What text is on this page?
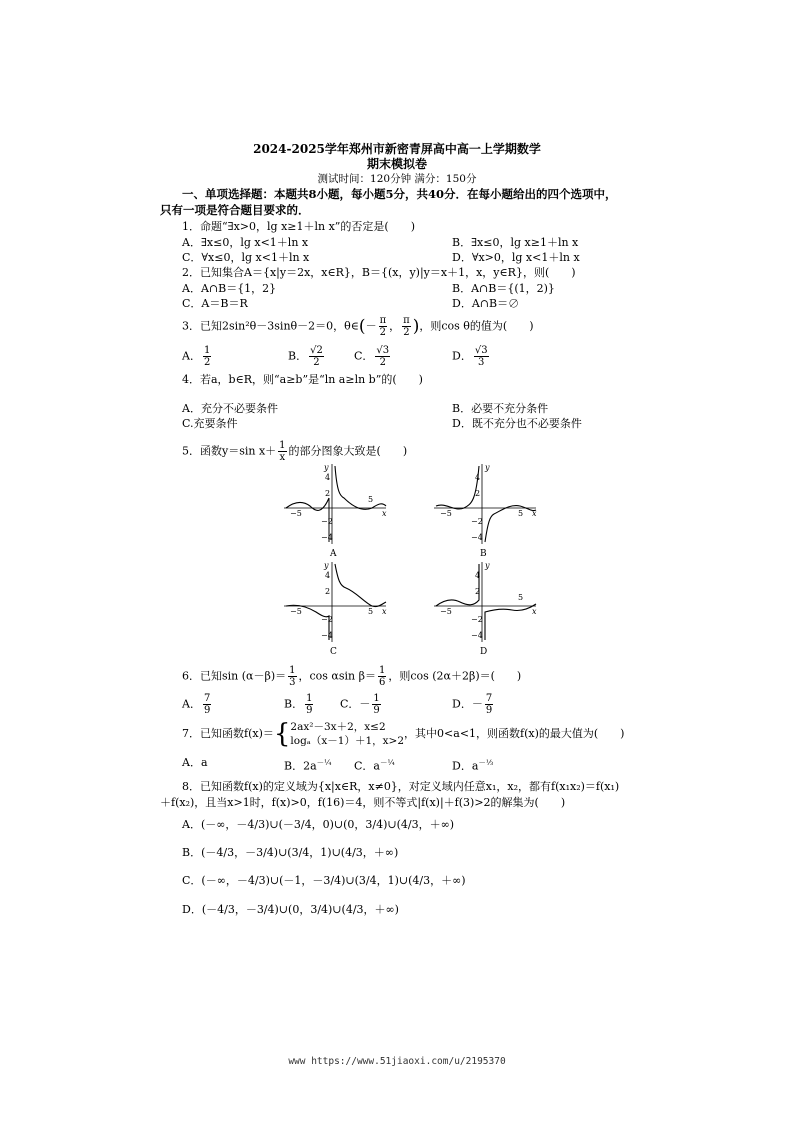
2024-2025学年郑州市新密青屏高中高一上学期数学
期末模拟卷
测试时间：120分钟 满分：150分
一、单项选择题：本题共8小题，每小题5分，共40分．在每小题给出的四个选项中，
只有一项是符合题目要求的．
1．命题“∃x>0，lg x≥1＋ln x”的否定是(　　)
A．∃x≤0，lg x<1＋ln x	B．∃x≤0，lg x≥1＋ln x
C．∀x≤0，lg x<1＋ln x	D．∀x>0，lg x<1＋ln x
2．已知集合A＝{x|y＝2x，x∈R}，B＝{(x，y)|y＝x＋1，x，y∈R}，则(　　)
A．A∩B＝{1，2}	B．A∩B＝{(1，2)}
C．A＝B＝R	D．A∩B＝∅
3．已知2sin²θ－3sinθ－2＝0，θ∈(－ $\frac{\pi}{2}$ ， $\frac{\pi}{2}$ )，则cos θ的值为(　　)
A． $\frac{1}{2}$	B． $\frac{√2}{2}$	C． $\frac{√3}{2}$	D． $\frac{√3}{3}$
4．若a，b∈R，则“a≥b”是“ln a≥ln b”的(　　)
A．充分不必要条件	B．必要不充分条件
C.充要条件	D．既不充分也不必要条件
5．函数y＝sin $x+ \frac{1}{x}$ 的部分图象大致是(　　)
−5
5
4
2
−2
−4
y
x
A
−5	5
4
2
−2
−4
y
x
B
−5	5
4
2
−2
−4
y
x
C
−5
5
4
2
−2
−4
y
x
D
6．已知$\sin (\alpha-\beta)= \frac{1}{3}$ ，cos αsin $\beta= \frac{1}{6}$ ，则cos (2α＋2β)＝(　　)
A． $\frac{7}{9}$	B． $\frac{1}{9}$ C．－ $\frac{1}{9}$	D．－ $\frac{7}{9}$
7．已知函数f(x)＝{2ax²－3x＋2，x≤2
logₐ（x－1）＋1，x>2，其中0<a<1，则函数f(x)的最大值为(　　)
A．a	B．$2a^{-\frac{1}{4}}$ C．$a^{-\frac{1}{4}}$	D．$a^{-\frac{1}{3}}$
8．已知函数f(x)的定义域为{x|x∈R，x≠0}，对定义域内任意x₁，x₂，都有f(x₁x₂)＝f(x₁)
＋f(x₂)，且当x>1时，f(x)>0，f(16)＝4，则不等式|f(x)|＋f(3)>2的解集为(　　)
A．(－∞，－4/3)∪(－3/4，0)∪(0，3/4)∪(4/3，＋∞)
B．(－4/3，－3/4)∪(3/4，1)∪(4/3，＋∞)
C．(－∞，－4/3)∪(－1，－3/4)∪(3/4，1)∪(4/3，＋∞)
D．(－4/3，－3/4)∪(0，3/4)∪(4/3，＋∞)
www https://www.51jiaoxi.com/u/2195370
